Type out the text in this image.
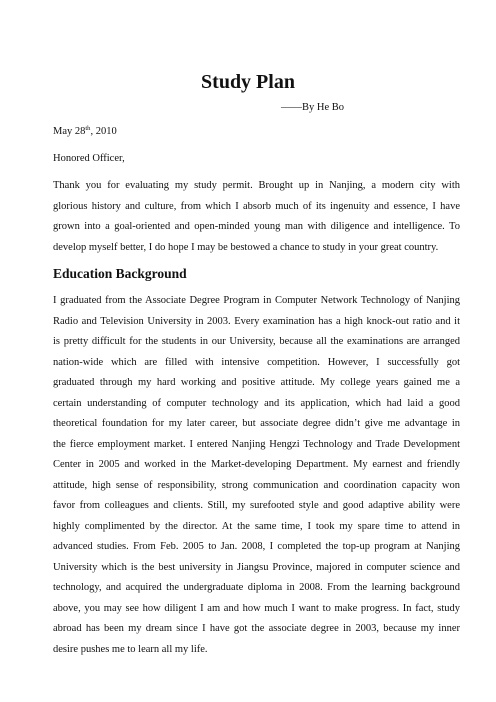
Study Plan
——By He Bo
May 28th, 2010
Honored Officer,
Thank you for evaluating my study permit. Brought up in Nanjing, a modern city with
glorious history and culture, from which I absorb much of its ingenuity and essence, I have
grown into a goal-oriented and open-minded young man with diligence and intelligence. To
develop myself better, I do hope I may be bestowed a chance to study in your great country.
Education Background
I graduated from the Associate Degree Program in Computer Network Technology of Nanjing
Radio and Television University in 2003. Every examination has a high knock-out ratio and it
is pretty difficult for the students in our University, because all the examinations are arranged
nation-wide which are filled with intensive competition. However, I successfully got
graduated through my hard working and positive attitude. My college years gained me a
certain understanding of computer technology and its application, which had laid a good
theoretical foundation for my later career, but associate degree didn’t give me advantage in
the fierce employment market. I entered Nanjing Hengzi Technology and Trade Development
Center in 2005 and worked in the Market-developing Department. My earnest and friendly
attitude, high sense of responsibility, strong communication and coordination capacity won
favor from colleagues and clients. Still, my surefooted style and good adaptive ability were
highly complimented by the director. At the same time, I took my spare time to attend in
advanced studies. From Feb. 2005 to Jan. 2008, I completed the top-up program at Nanjing
University which is the best university in Jiangsu Province, majored in computer science and
technology, and acquired the undergraduate diploma in 2008. From the learning background
above, you may see how diligent I am and how much I want to make progress. In fact, study
abroad has been my dream since I have got the associate degree in 2003, because my inner
desire pushes me to learn all my life.
